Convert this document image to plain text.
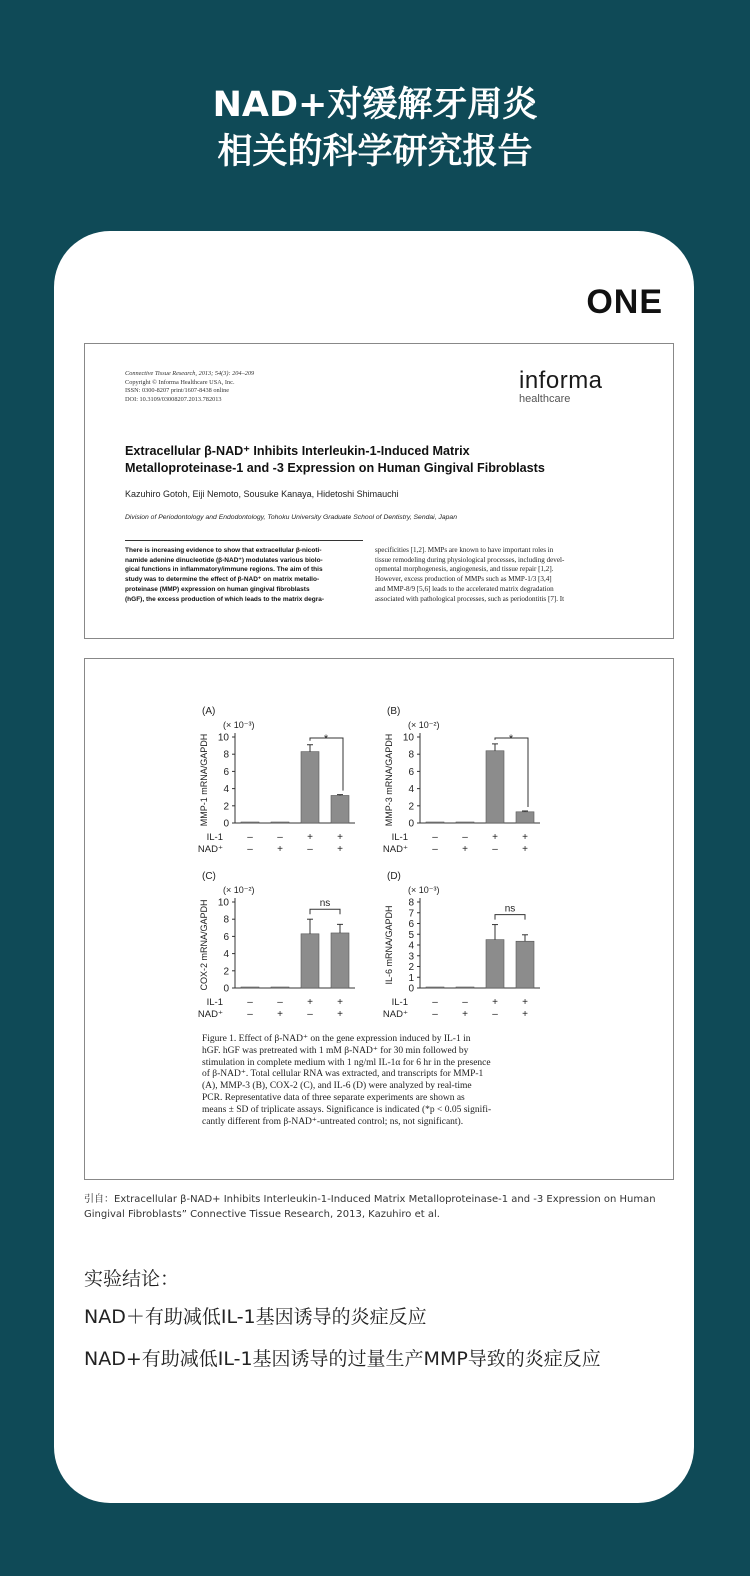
NAD+对缓解牙周炎
相关的科学研究报告
ONE
Connective Tissue Research, 2013; 54(3): 204–209
Copyright © Informa Healthcare USA, Inc.
ISSN: 0300-8207 print/1607-8438 online
DOI: 10.3109/03008207.2013.782013
informa
healthcare
Extracellular β-NAD⁺ Inhibits Interleukin-1-Induced Matrix
Metalloproteinase-1 and -3 Expression on Human Gingival Fibroblasts
Kazuhiro Gotoh, Eiji Nemoto, Sousuke Kanaya, Hidetoshi Shimauchi
Division of Periodontology and Endodontology, Tohoku University Graduate School of Dentistry, Sendai, Japan
There is increasing evidence to show that extracellular β-nicoti-
namide adenine dinucleotide (β-NAD⁺) modulates various biolo-
gical functions in inflammatory/immune regions. The aim of this
study was to determine the effect of β-NAD⁺ on matrix metallo-
proteinase (MMP) expression on human gingival fibroblasts
(hGF), the excess production of which leads to the matrix degra-
specificities [1,2]. MMPs are known to have important roles in
tissue remodeling during physiological processes, including devel-
opmental morphogenesis, angiogenesis, and tissue repair [1,2].
However, excess production of MMPs such as MMP-1/3 [3,4]
and MMP-8/9 [5,6] leads to the accelerated matrix degradation
associated with pathological processes, such as periodontitis [7]. It
0
2
4
6
8
10
(A)
(× 10⁻³)
MMP-1 mRNA/GAPDH	*
IL-1
NAD⁺
– – + +
– + – +
0
2
4
6
8
10
(B)
(× 10⁻²)
MMP-3 mRNA/GAPDH	*
IL-1
NAD⁺
– – + +
– + – +
0
2
4
6
8
10
(C)
(× 10⁻²)
COX-2 mRNA/GAPDH	ns
IL-1
NAD⁺
– – + +
– + – +
0
1
2
3
4
5
6
7
8
(D)
(× 10⁻³)
IL-6 mRNA/GAPDH	ns
IL-1
NAD⁺
– – + +
– + – +
Figure 1. Effect of β-NAD⁺ on the gene expression induced by IL-1 in
hGF. hGF was pretreated with 1 mM β-NAD⁺ for 30 min followed by
stimulation in complete medium with 1 ng/ml IL-1α for 6 hr in the presence
of β-NAD⁺. Total cellular RNA was extracted, and transcripts for MMP-1
(A), MMP-3 (B), COX-2 (C), and IL-6 (D) were analyzed by real-time
PCR. Representative data of three separate experiments are shown as
means ± SD of triplicate assays. Significance is indicated (*p < 0.05 signifi-
cantly different from β-NAD⁺-untreated control; ns, not significant).
引自：Extracellular β-NAD+ Inhibits Interleukin-1-Induced Matrix Metalloproteinase-1 and -3 Expression on Human Gingival Fibroblasts” Connective Tissue Research, 2013, Kazuhiro et al.
实验结论：
NAD＋有助减低IL-1基因诱导的炎症反应
NAD+有助减低IL-1基因诱导的过量生产MMP导致的炎症反应
